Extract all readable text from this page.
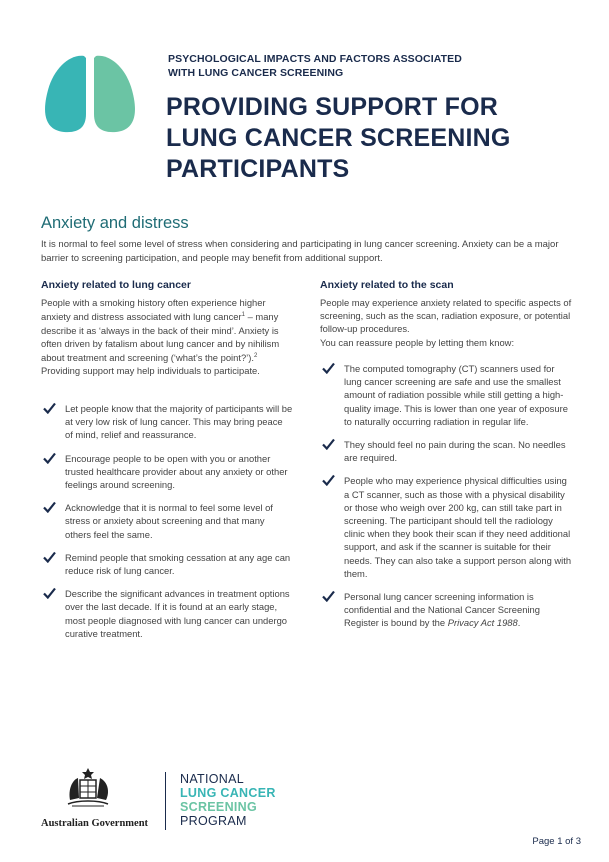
PSYCHOLOGICAL IMPACTS AND FACTORS ASSOCIATED
WITH LUNG CANCER SCREENING
PROVIDING SUPPORT FOR
LUNG CANCER SCREENING
PARTICIPANTS
Anxiety and distress
It is normal to feel some level of stress when considering and participating in lung cancer screening. Anxiety can be a major barrier to screening participation, and people may benefit from additional support.
Anxiety related to lung cancer

People with a smoking history often experience higher anxiety and distress associated with lung cancer$^1$ – many describe it as ‘always in the back of their mind’. Anxiety is often driven by fatalism about lung cancer and by nihilism about treatment and screening (‘what’s the point?’).$^2$ Providing support may help individuals to participate.

Let people know that the majority of participants will be at very low risk of lung cancer. This may bring peace of mind, relief and reassurance.
Encourage people to be open with you or another trusted healthcare provider about any anxiety or other feelings around screening.
Acknowledge that it is normal to feel some level of stress or anxiety about screening and that many others feel the same.
Remind people that smoking cessation at any age can reduce risk of lung cancer.
Describe the significant advances in treatment options over the last decade. If it is found at an early stage, most people diagnosed with lung cancer can undergo curative treatment.
Anxiety related to the scan

People may experience anxiety related to specific aspects of screening, such as the scan, radiation exposure, or potential follow-up procedures.

You can reassure people by letting them know:

The computed tomography (CT) scanners used for lung cancer screening are safe and use the smallest amount of radiation possible while still getting a high-quality image. This is lower than one year of exposure to naturally occurring radiation in regular life.
They should feel no pain during the scan. No needles are required.
People who may experience physical difficulties using a CT scanner, such as those with a physical disability or those who weigh over 200 kg, can still take part in screening. The participant should tell the radiology clinic when they book their scan if they need additional support, and ask if the scanner is suitable for their needs. They can also take a support person along with them.
Personal lung cancer screening information is confidential and the National Cancer Screening Register is bound by the Privacy Act 1988.
Australian Government
NATIONAL
LUNG CANCER
SCREENING
PROGRAM
Page 1 of 3
